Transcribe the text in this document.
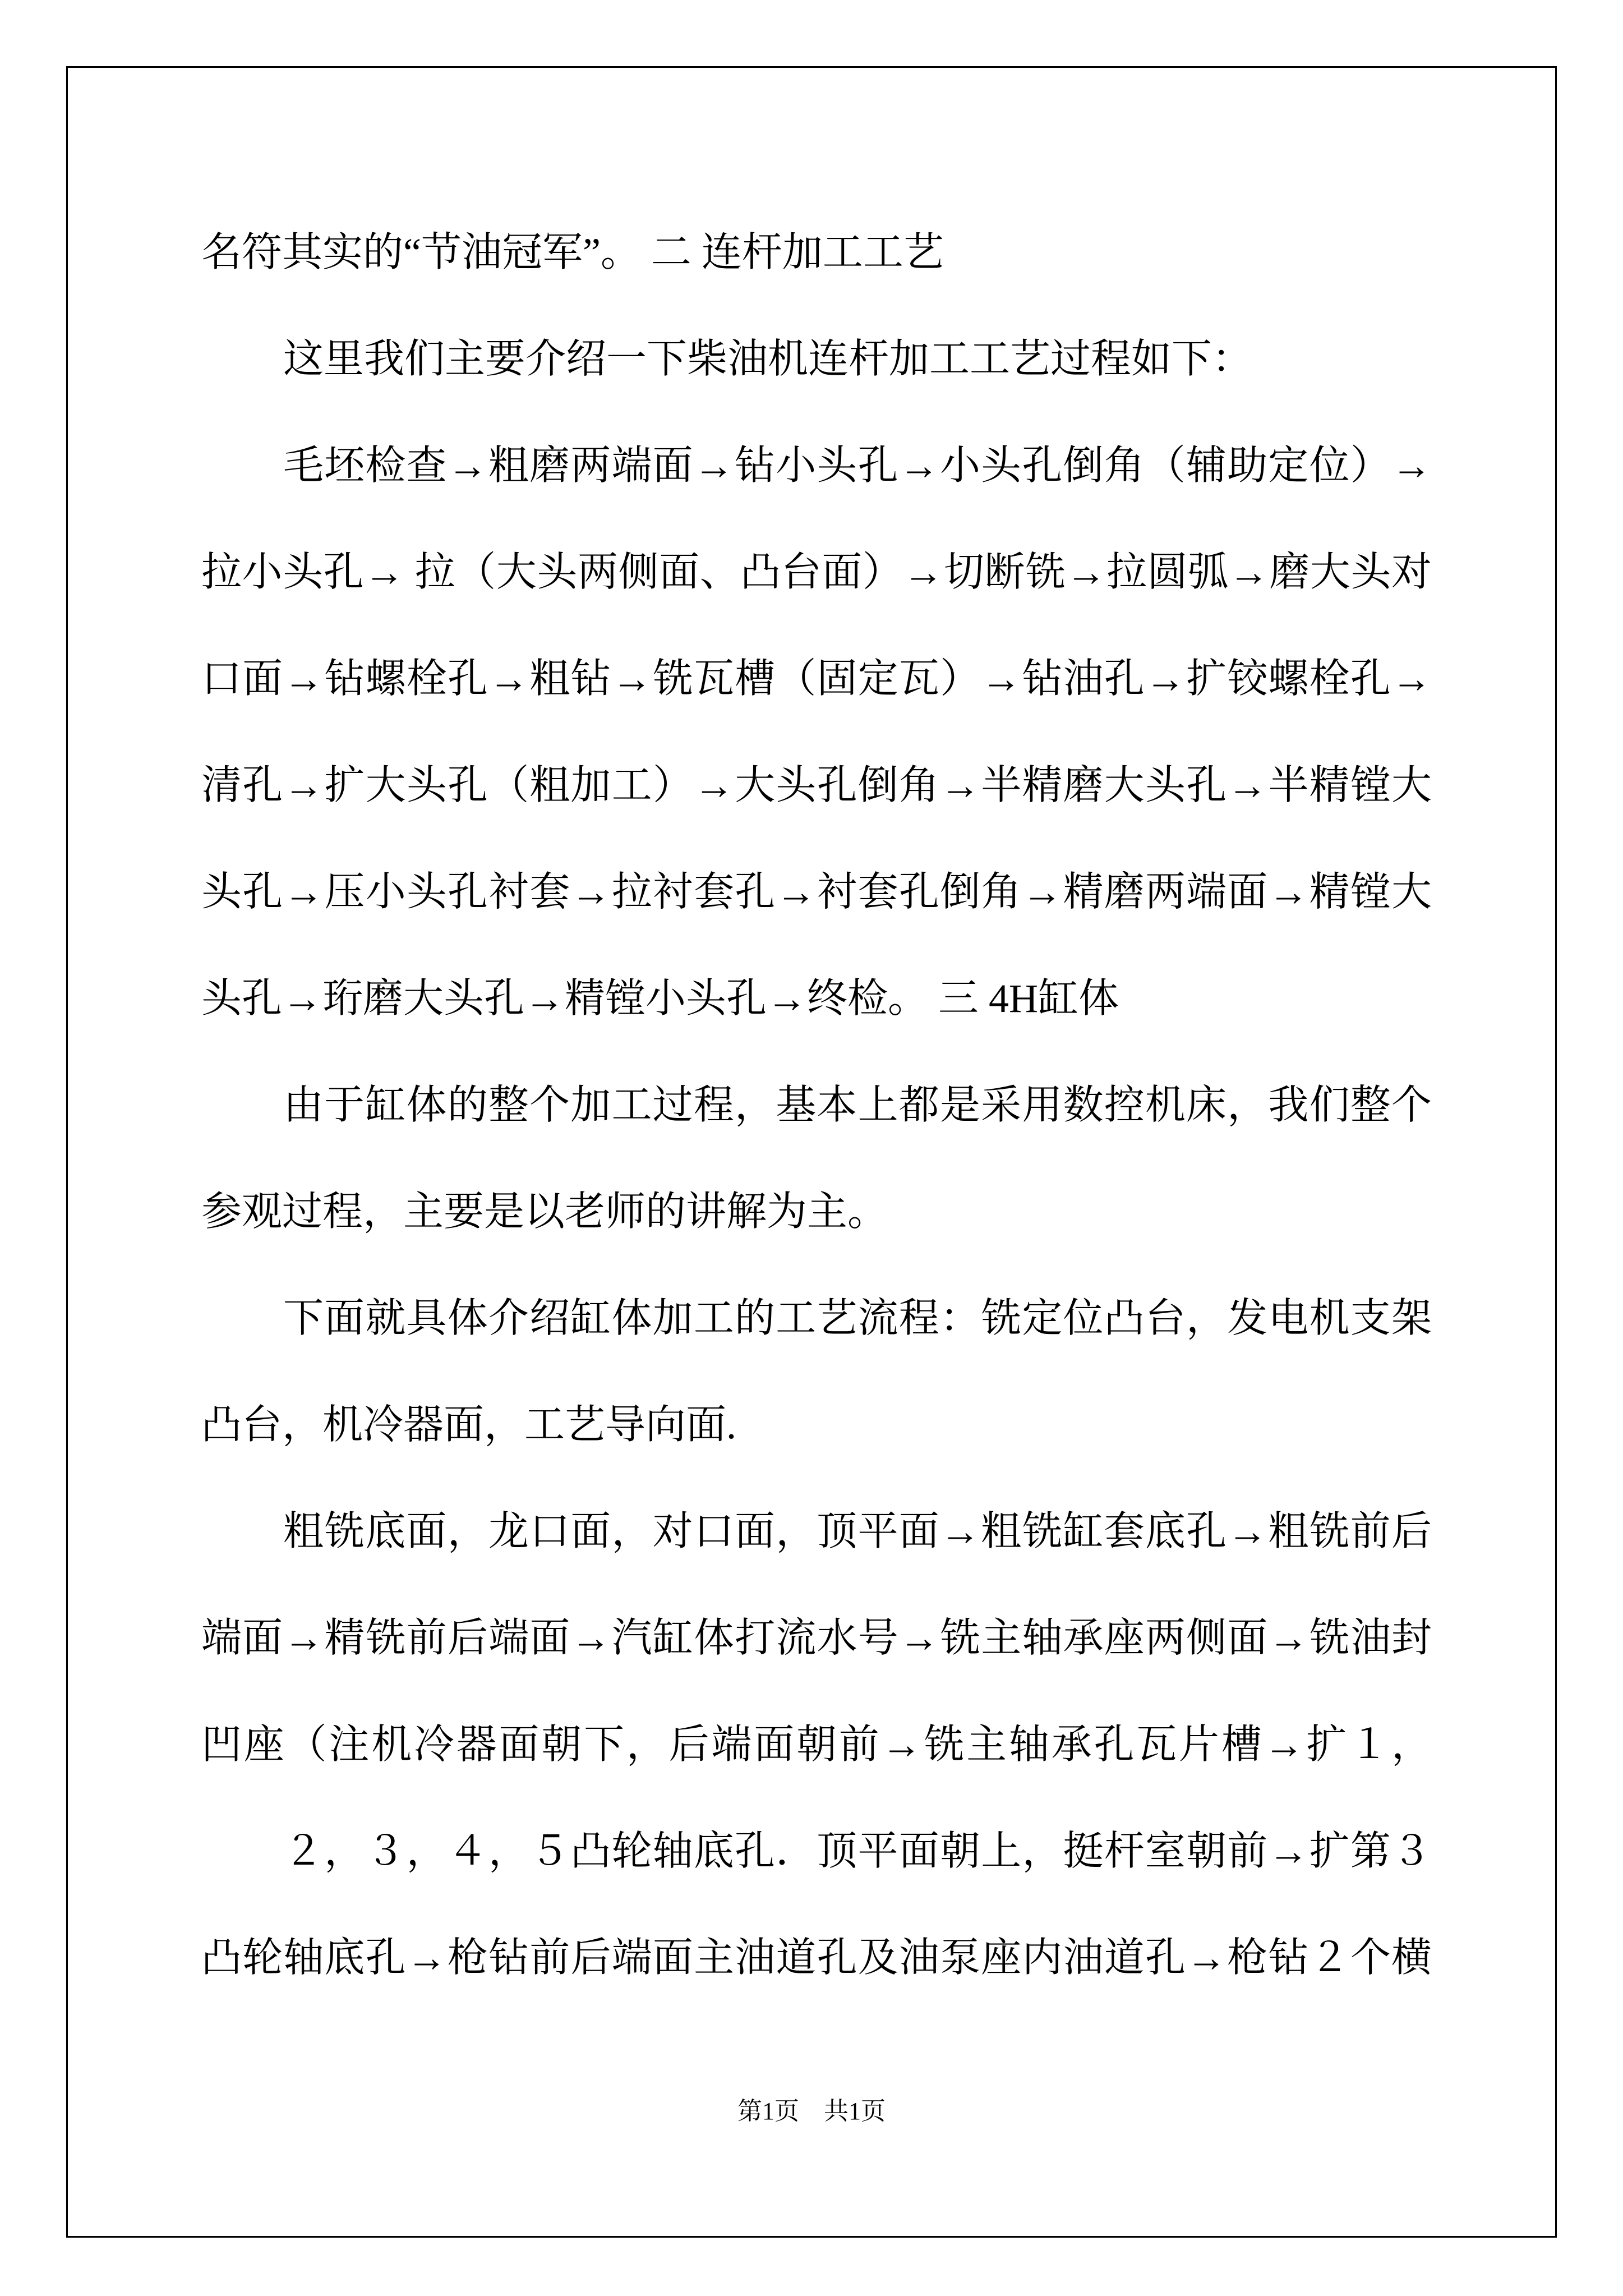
名符其实的“节油冠军”。 二 连杆加工工艺
这里我们主要介绍一下柴油机连杆加工工艺过程如下：
毛坯检查→粗磨两端面→钻小头孔→小头孔倒角（辅助定位）→
拉小头孔→ 拉（大头两侧面、凸台面）→切断铣→拉圆弧→磨大头对
口面→钻螺栓孔→粗钻→铣瓦槽（固定瓦）→钻油孔→扩铰螺栓孔→
清孔→扩大头孔（粗加工）→大头孔倒角→半精磨大头孔→半精镗大
头孔→压小头孔衬套→拉衬套孔→衬套孔倒角→精磨两端面→精镗大
头孔→珩磨大头孔→精镗小头孔→终检。 三 4H缸体
由于缸体的整个加工过程，基本上都是采用数控机床，我们整个
参观过程，主要是以老师的讲解为主。
下面就具体介绍缸体加工的工艺流程：铣定位凸台，发电机支架
凸台，机冷器面，工艺导向面.
粗铣底面，龙口面，对口面，顶平面→粗铣缸套底孔→粗铣前后
端面→精铣前后端面→汽缸体打流水号→铣主轴承座两侧面→铣油封
凹座（注机冷器面朝下，后端面朝前→铣主轴承孔瓦片槽→扩１，
２，３，４，５凸轮轴底孔．顶平面朝上，挺杆室朝前→扩第３
凸轮轴底孔→枪钻前后端面主油道孔及油泵座内油道孔→枪钻２个横
第1页　共1页
